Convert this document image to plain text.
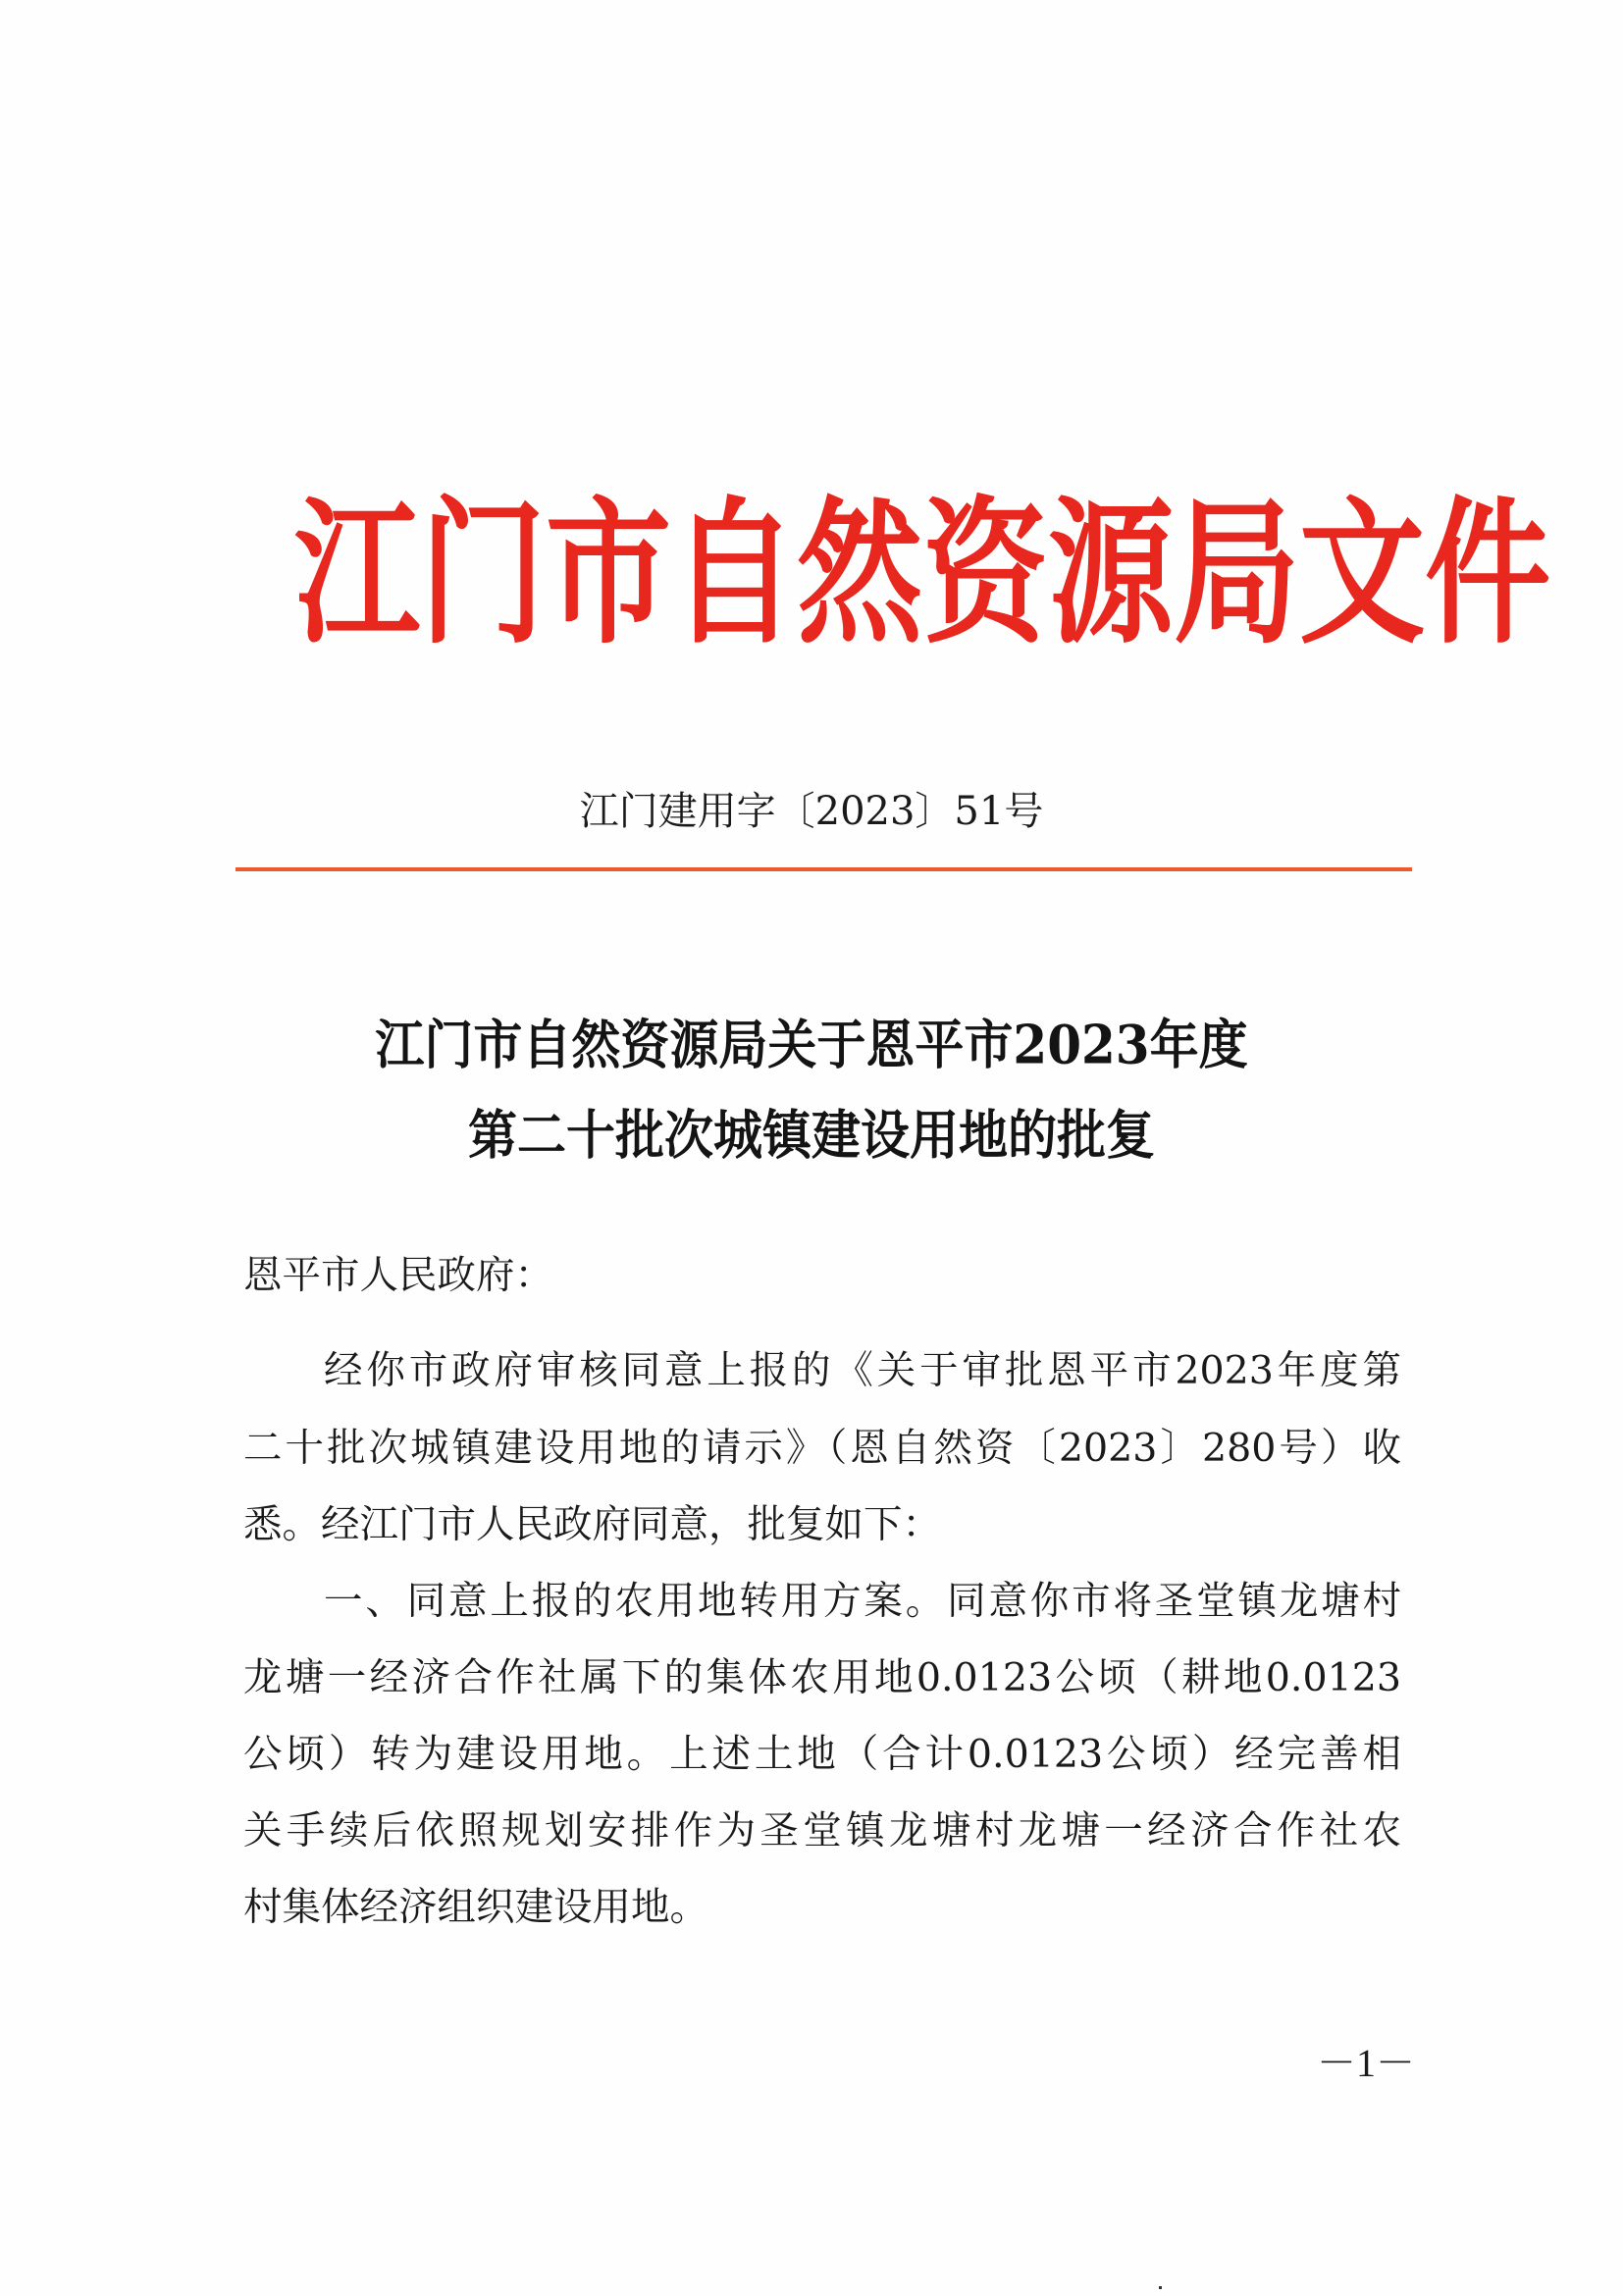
江 门 市 自 然 资 源 局 文 件
江门建用字〔2023〕51号
江门市自然资源局关于恩平市2023年度
第二十批次城镇建设用地的批复
恩平市人民政府：
经你市政府审核同意上报的《关于审批恩平市2023年度第
二十批次城镇建设用地的请示》（恩自然资〔2023〕280号）收
悉。经江门市人民政府同意，批复如下：
一、同意上报的农用地转用方案。同意你市将圣堂镇龙塘村
龙塘一经济合作社属下的集体农用地0.0123公顷（耕地0.0123
公顷）转为建设用地。上述土地（合计0.0123公顷）经完善相
关手续后依照规划安排作为圣堂镇龙塘村龙塘一经济合作社农
村集体经济组织建设用地。
－1－
